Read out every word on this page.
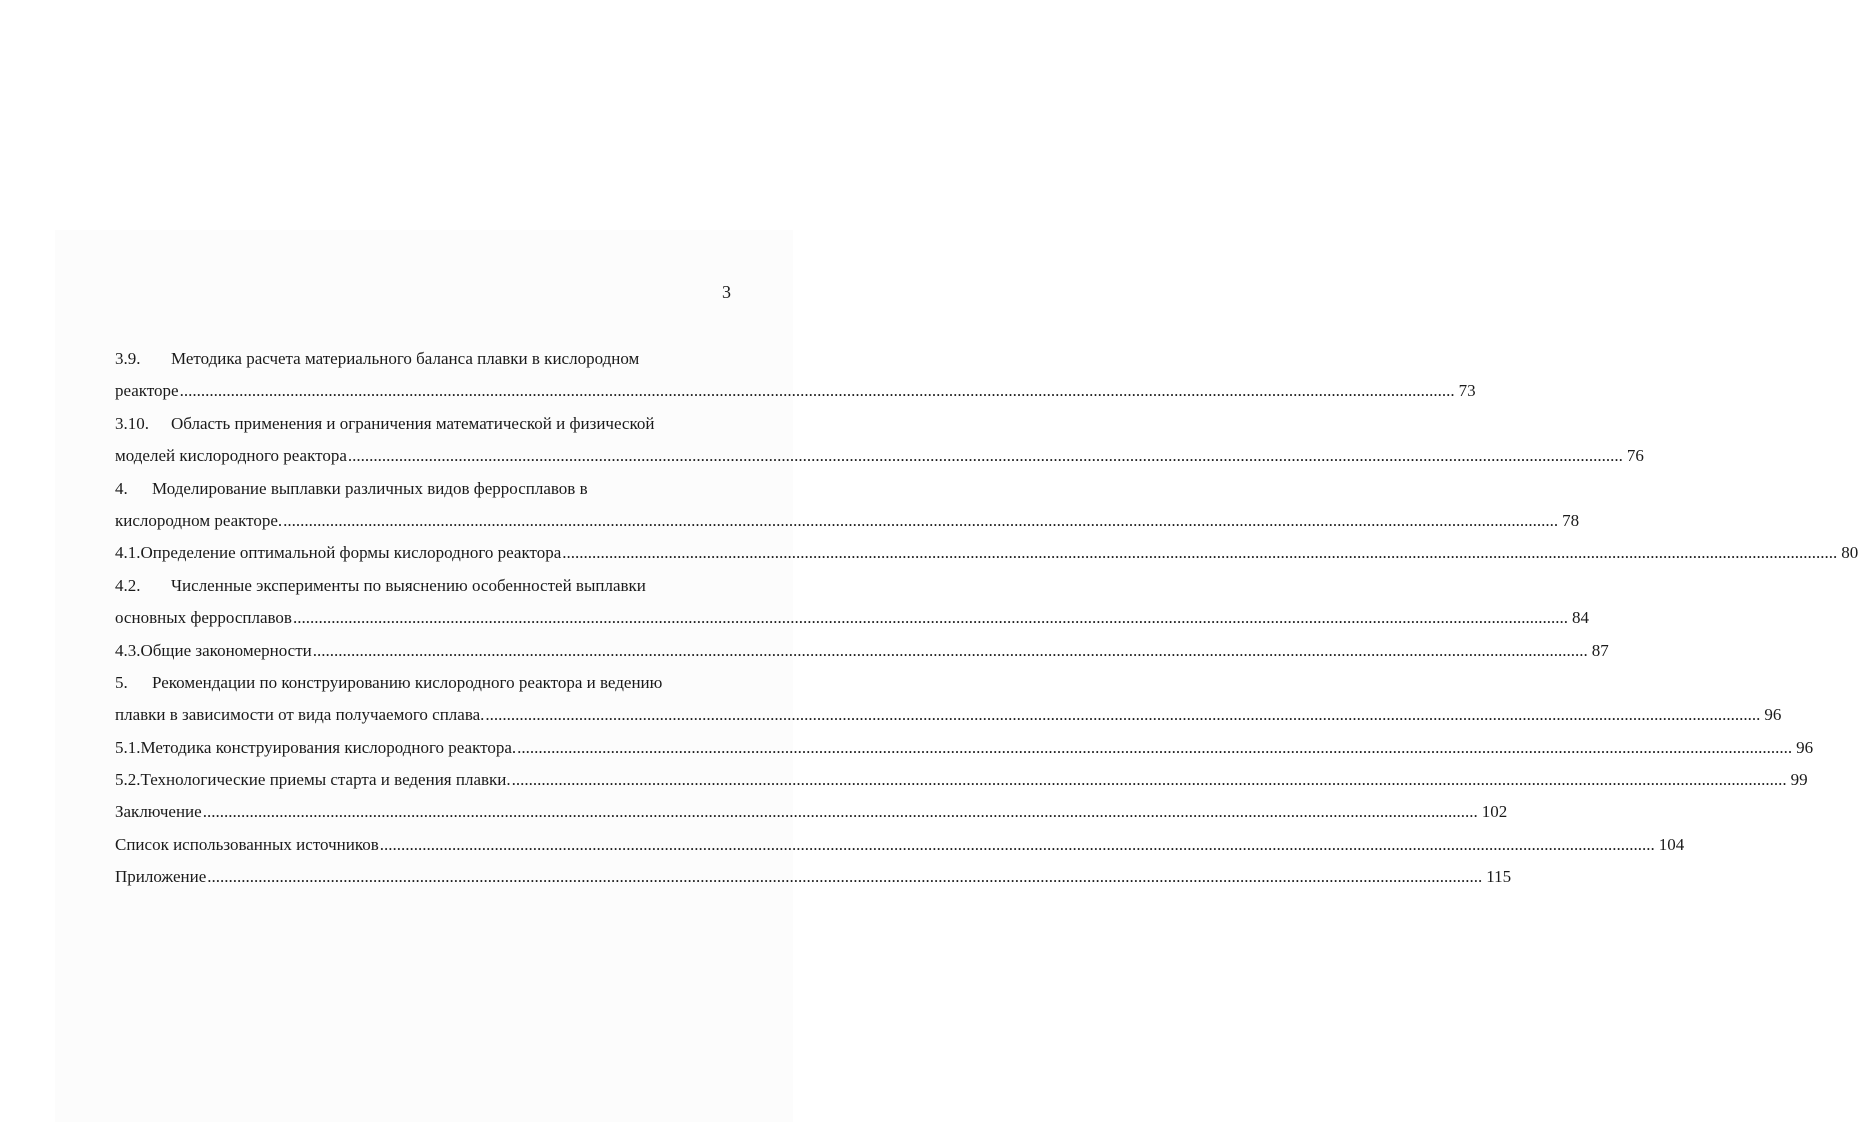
3
3.9.	Методика расчета материального баланса плавки в кислородном
реакторе ............................................................................................................................................................................................................................................................................................................ 73
3.10.	Область применения и ограничения математической и физической
моделей кислородного реактора ............................................................................................................................................................................................................................................................................................................ 76
4.	Моделирование выплавки различных видов ферросплавов в
кислородном реакторе. ............................................................................................................................................................................................................................................................................................................ 78
4.1. Определение оптимальной формы кислородного реактора ............................................................................................................................................................................................................................................................................................................ 80
4.2.	Численные эксперименты по выяснению особенностей выплавки
основных ферросплавов ............................................................................................................................................................................................................................................................................................................ 84
4.3. Общие закономерности ............................................................................................................................................................................................................................................................................................................ 87
5.	Рекомендации по конструированию кислородного реактора и ведению
плавки в зависимости от вида получаемого сплава. ............................................................................................................................................................................................................................................................................................................ 96
5.1. Методика конструирования кислородного реактора. ............................................................................................................................................................................................................................................................................................................ 96
5.2. Технологические приемы старта и ведения плавки. ............................................................................................................................................................................................................................................................................................................ 99
Заключение ............................................................................................................................................................................................................................................................................................................ 102
Список использованных источников ............................................................................................................................................................................................................................................................................................................ 104
Приложение ............................................................................................................................................................................................................................................................................................................ 115
